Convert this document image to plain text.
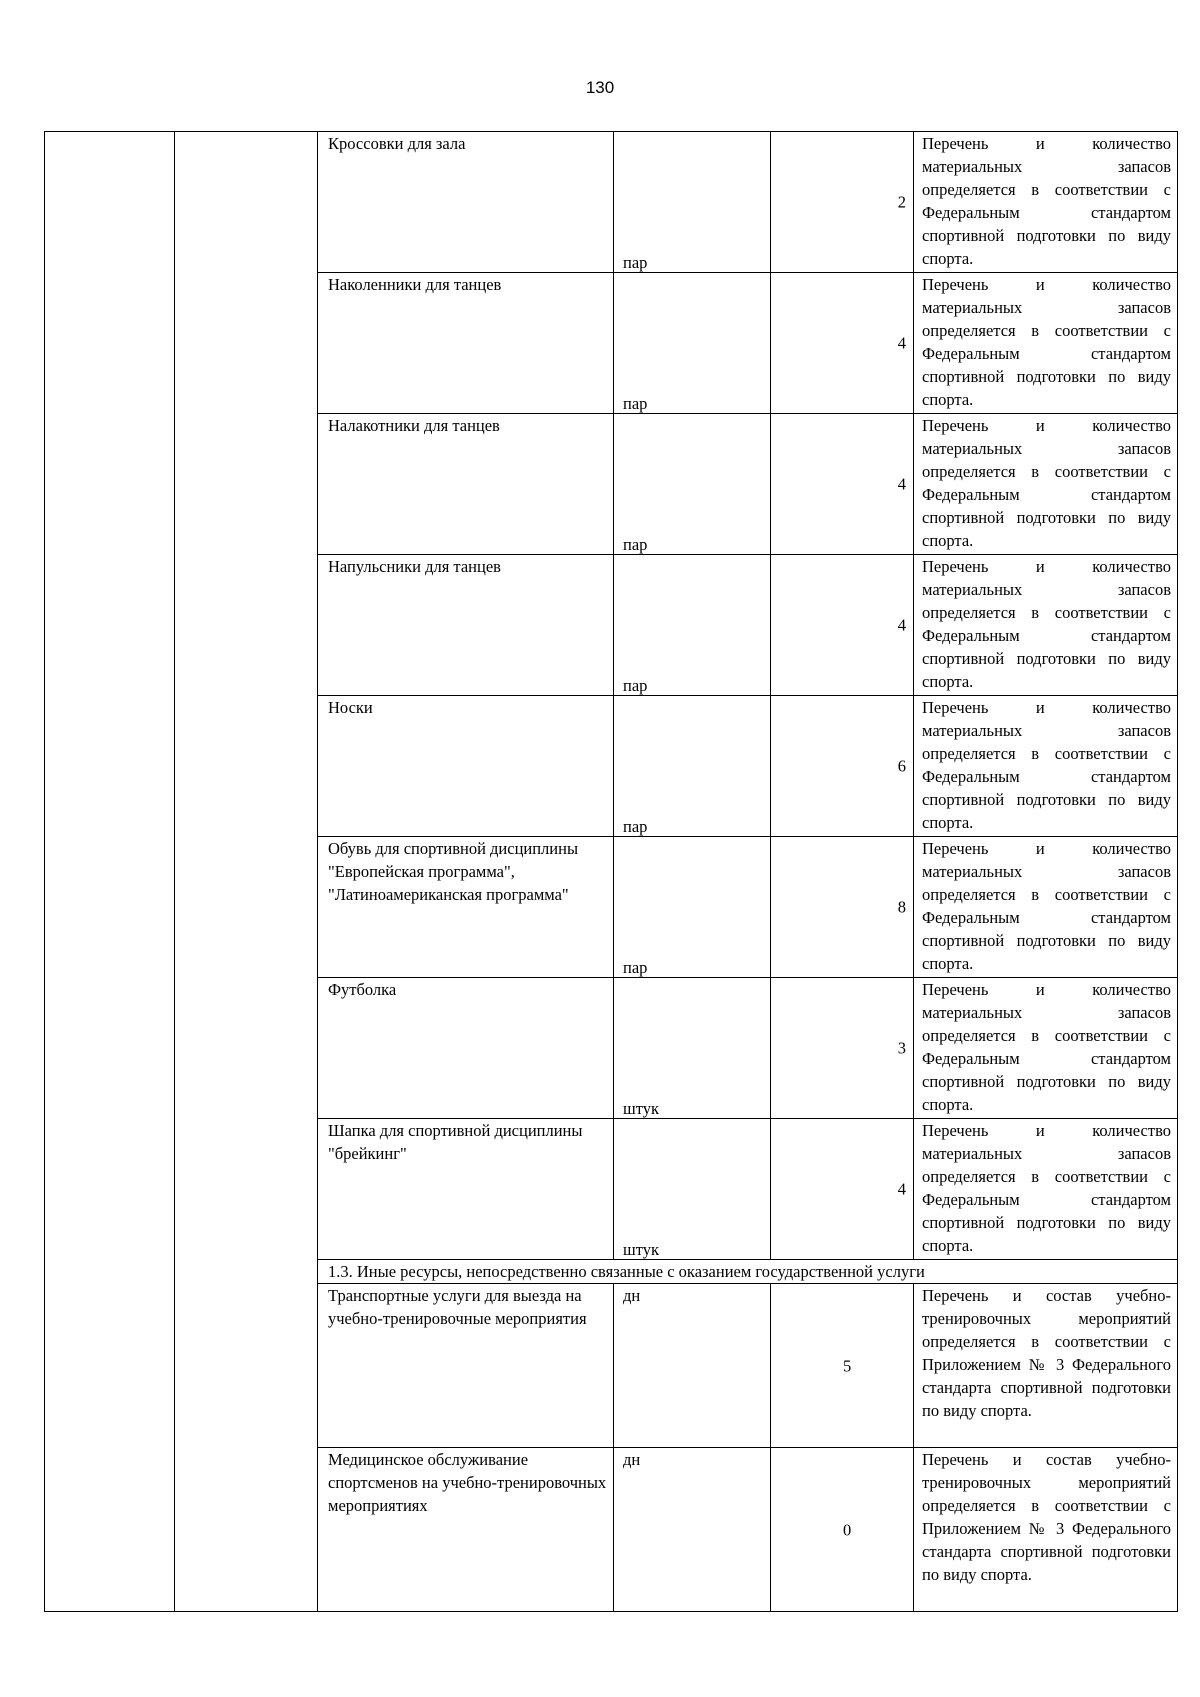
130
		Кроссовки для зала	пар	2	Перечень и количество материальных запасов определяется в соответствии с Федеральным стандартом спортивной подготовки по виду спорта.
		Наколенники для танцев	пар	4	Перечень и количество материальных запасов определяется в соответствии с Федеральным стандартом спортивной подготовки по виду спорта.
		Налакотники для танцев	пар	4	Перечень и количество материальных запасов определяется в соответствии с Федеральным стандартом спортивной подготовки по виду спорта.
		Напульсники для танцев	пар	4	Перечень и количество материальных запасов определяется в соответствии с Федеральным стандартом спортивной подготовки по виду спорта.
		Носки	пар	6	Перечень и количество материальных запасов определяется в соответствии с Федеральным стандартом спортивной подготовки по виду спорта.
		Обувь для спортивной дисциплины "Европейская программа", "Латиноамериканская программа"	пар	8	Перечень и количество материальных запасов определяется в соответствии с Федеральным стандартом спортивной подготовки по виду спорта.
		Футболка	штук	3	Перечень и количество материальных запасов определяется в соответствии с Федеральным стандартом спортивной подготовки по виду спорта.
		Шапка для спортивной дисциплины "брейкинг"	штук	4	Перечень и количество материальных запасов определяется в соответствии с Федеральным стандартом спортивной подготовки по виду спорта.
		1.3. Иные ресурсы, непосредственно связанные с оказанием государственной услуги			
		Транспортные услуги для выезда на учебно-тренировочные мероприятия	дн	5	Перечень и состав учебно-тренировочных мероприятий определяется в соответствии с Приложением № 3 Федерального стандарта спортивной подготовки по виду спорта.
		Медицинское обслуживание спортсменов на учебно-тренировочных мероприятиях	дн	0	Перечень и состав учебно-тренировочных мероприятий определяется в соответствии с Приложением № 3 Федерального стандарта спортивной подготовки по виду спорта.
